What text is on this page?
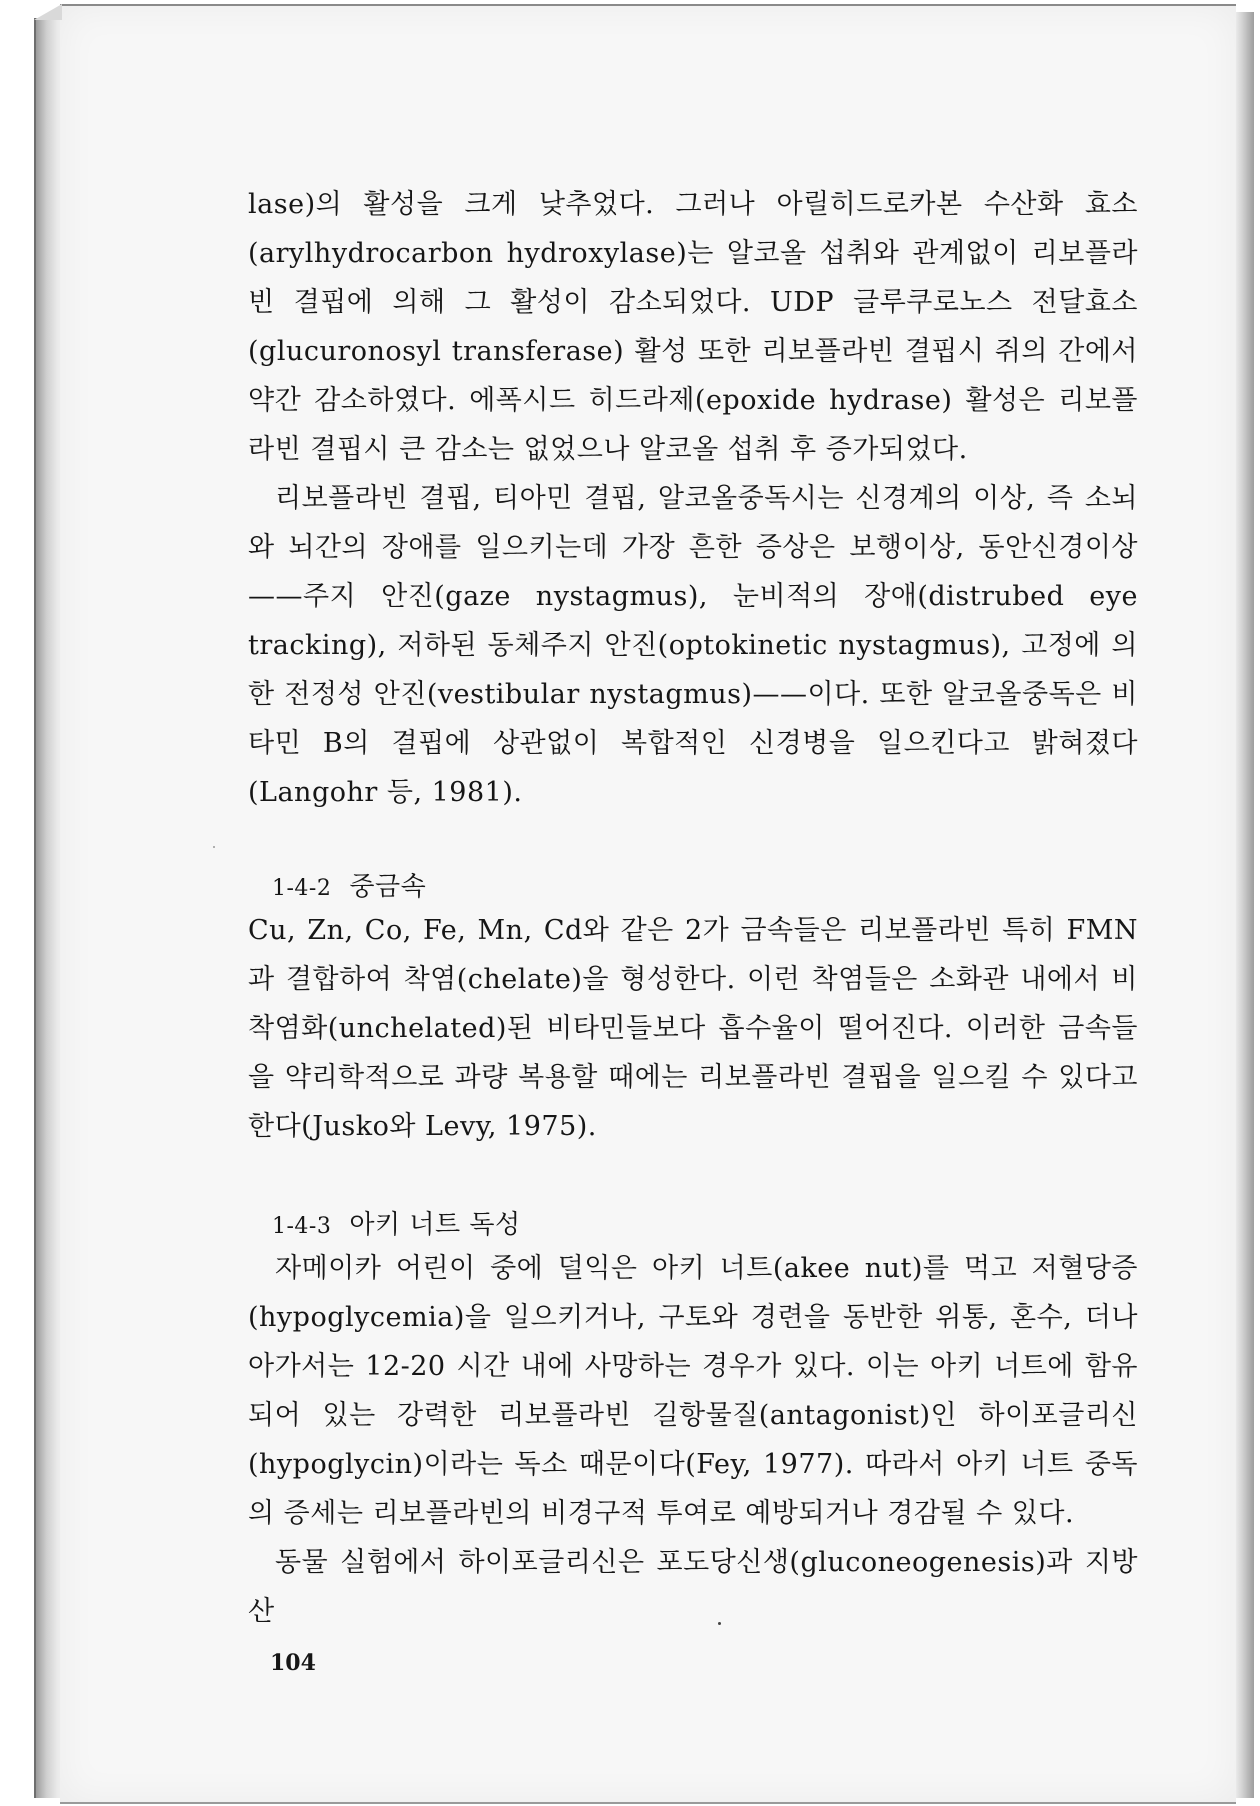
lase)의 활성을 크게 낮추었다. 그러나 아릴히드로카본 수산화 효소 (arylhydrocarbon hydroxylase)는 알코올 섭취와 관계없이 리보플라빈 결핍에 의해 그 활성이 감소되었다. UDP 글루쿠로노스 전달효소 (glucuronosyl transferase) 활성 또한 리보플라빈 결핍시 쥐의 간에서 약간 감소하였다. 에폭시드 히드라제(epoxide hydrase) 활성은 리보플라빈 결핍시 큰 감소는 없었으나 알코올 섭취 후 증가되었다.

리보플라빈 결핍, 티아민 결핍, 알코올중독시는 신경계의 이상, 즉 소뇌와 뇌간의 장애를 일으키는데 가장 흔한 증상은 보행이상, 동안신경이상——주지 안진(gaze nystagmus), 눈비적의 장애(distrubed eye tracking), 저하된 동체주지 안진(optokinetic nystagmus), 고정에 의한 전정성 안진(vestibular nystagmus)——이다. 또한 알코올중독은 비타민 B의 결핍에 상관없이 복합적인 신경병을 일으킨다고 밝혀졌다 (Langohr 등, 1981).

1-4-2 중금속

Cu, Zn, Co, Fe, Mn, Cd와 같은 2가 금속들은 리보플라빈 특히 FMN과 결합하여 착염(chelate)을 형성한다. 이런 착염들은 소화관 내에서 비착염화(unchelated)된 비타민들보다 흡수율이 떨어진다. 이러한 금속들을 약리학적으로 과량 복용할 때에는 리보플라빈 결핍을 일으킬 수 있다고 한다(Jusko와 Levy, 1975).

1-4-3 아키 너트 독성

자메이카 어린이 중에 덜익은 아키 너트(akee nut)를 먹고 저혈당증 (hypoglycemia)을 일으키거나, 구토와 경련을 동반한 위통, 혼수, 더나아가서는 12-20 시간 내에 사망하는 경우가 있다. 이는 아키 너트에 함유되어 있는 강력한 리보플라빈 길항물질(antagonist)인 하이포글리신 (hypoglycin)이라는 독소 때문이다(Fey, 1977). 따라서 아키 너트 중독의 증세는 리보플라빈의 비경구적 투여로 예방되거나 경감될 수 있다.

동물 실험에서 하이포글리신은 포도당신생(gluconeogenesis)과 지방산

104
